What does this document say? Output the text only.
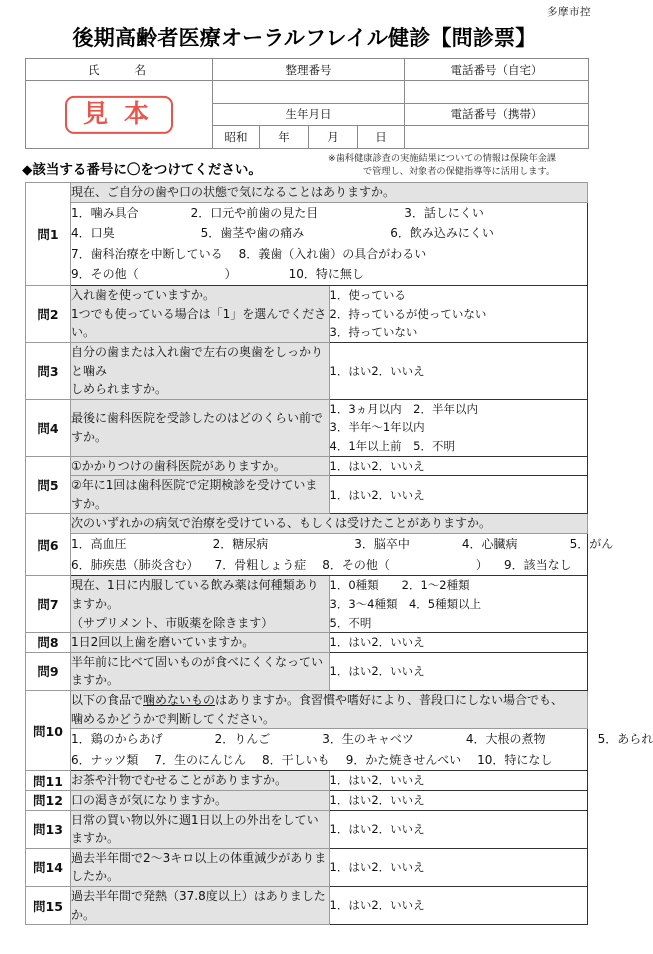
多摩市控
後期高齢者医療オーラルフレイル健診【問診票】
氏　　名	整理番号				電話番号（自宅）

見本					

	生年月日				電話番号（携帯）
	昭和	年	月	日	
◆該当する番号に〇をつけてください。
※歯科健康診査の実施結果についての情報は保険年金課
で管理し、対象者の保健指導等に活用します。
問1	現在、ご自分の歯や口の状態で気になることはありますか。	

	1．噛み具合 2．口元や前歯の見た目 3．話しにくい
4．口臭 5．歯茎や歯の痛み 6．飲み込みにくい
7．歯科治療を中断している 8．義歯（入れ歯）の具合がわるい
9．その他（ ） 10．特に無し	

問2	入れ歯を使っていますか。
1つでも使っている場合は「1」を選んでください。	1．使っている
2．持っているが使っていない
3．持っていない

問3	自分の歯または入れ歯で左右の奥歯をしっかりと噛み
しめられますか。	1．はい2．いいえ
問4	最後に歯科医院を受診したのはどのくらい前ですか。	1．3ヵ月以内　2．半年以内
3．半年～1年以内
4．1年以上前　5．不明

問5	①かかりつけの歯科医院がありますか。	1．はい2．いいえ
	②年に1回は歯科医院で定期検診を受けていますか。	1．はい2．いいえ
問6	次のいずれかの病気で治療を受けている、もしくは受けたことがありますか。	

	1．高血圧 2．糖尿病 3．脳卒中 4．心臓病 5．がん
6．肺疾患（肺炎含む） 7．骨粗しょう症 8．その他（ ） 9．該当なし	

問7	現在、1日に内服している飲み薬は何種類ありますか。
（サプリメント、市販薬を除きます）	1．0種類　　2．1～2種類
3．3～4種類　4．5種類以上
5．不明

問8	1日2回以上歯を磨いていますか。	1．はい2．いいえ
問9	半年前に比べて固いものが食べにくくなっていますか。	1．はい2．いいえ
問10	以下の食品で噛めないものはありますか。食習慣や嗜好により、普段口にしない場合でも、
噛めるかどうかで判断してください。	

	1．鶏のからあげ 2．りんご 3．生のキャベツ 4．大根の煮物 5．あられ
6．ナッツ類 7．生のにんじん 8．干しいも 9．かた焼きせんべい 10．特になし	

問11	お茶や汁物でむせることがありますか。	1．はい2．いいえ
問12	口の渇きが気になりますか。	1．はい2．いいえ
問13	日常の買い物以外に週1日以上の外出をしていますか。	1．はい2．いいえ
問14	過去半年間で2～3キロ以上の体重減少がありましたか。	1．はい2．いいえ
問15	過去半年間で発熱（37.8度以上）はありましたか。	1．はい2．いいえ
